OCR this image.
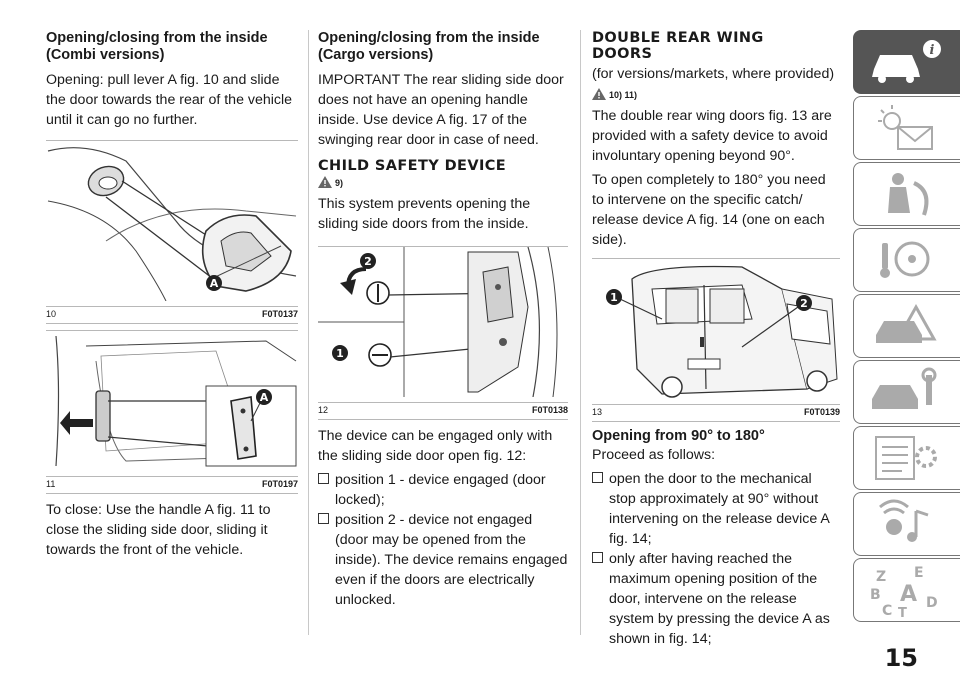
Opening/closing from the inside
(Combi versions)

Opening: pull lever A fig. 10 and slide the door towards the rear of the vehicle until it can go no further.

A
10	F0T0137
A
11	F0T0197

To close: Use the handle A fig. 11 to close the sliding side door, sliding it towards the front of the vehicle.

Opening/closing from the inside
(Cargo versions)

IMPORTANT The rear sliding side door does not have an opening handle inside. Use device A fig. 17 of the swinging rear door in case of need.

CHILD SAFETY DEVICE
9)

This system prevents opening the sliding side doors from the inside.

2
1
12	F0T0138

The device can be engaged only with the sliding side door open fig. 12:

position 1 - device engaged (door locked);
position 2 - device not engaged (door may be opened from the inside). The device remains engaged even if the doors are electrically unlocked.
DOUBLE REAR WING
DOORS

(for versions/markets, where provided)

10) 11)

The double rear wing doors fig. 13 are provided with a safety device to avoid involuntary opening beyond 90°.

To open completely to 180° you need to intervene on the specific catch/ release device A fig. 14 (one on each side).

1	2
13	F0T0139
Opening from 90° to 180°

Proceed as follows:

open the door to the mechanical stop approximately at 90° without intervening on the release device A fig. 14;
only after having reached the maximum opening position of the door, intervene on the release system by pressing the device A as shown in fig. 14;
i
Z E
B A
C D
T
15
